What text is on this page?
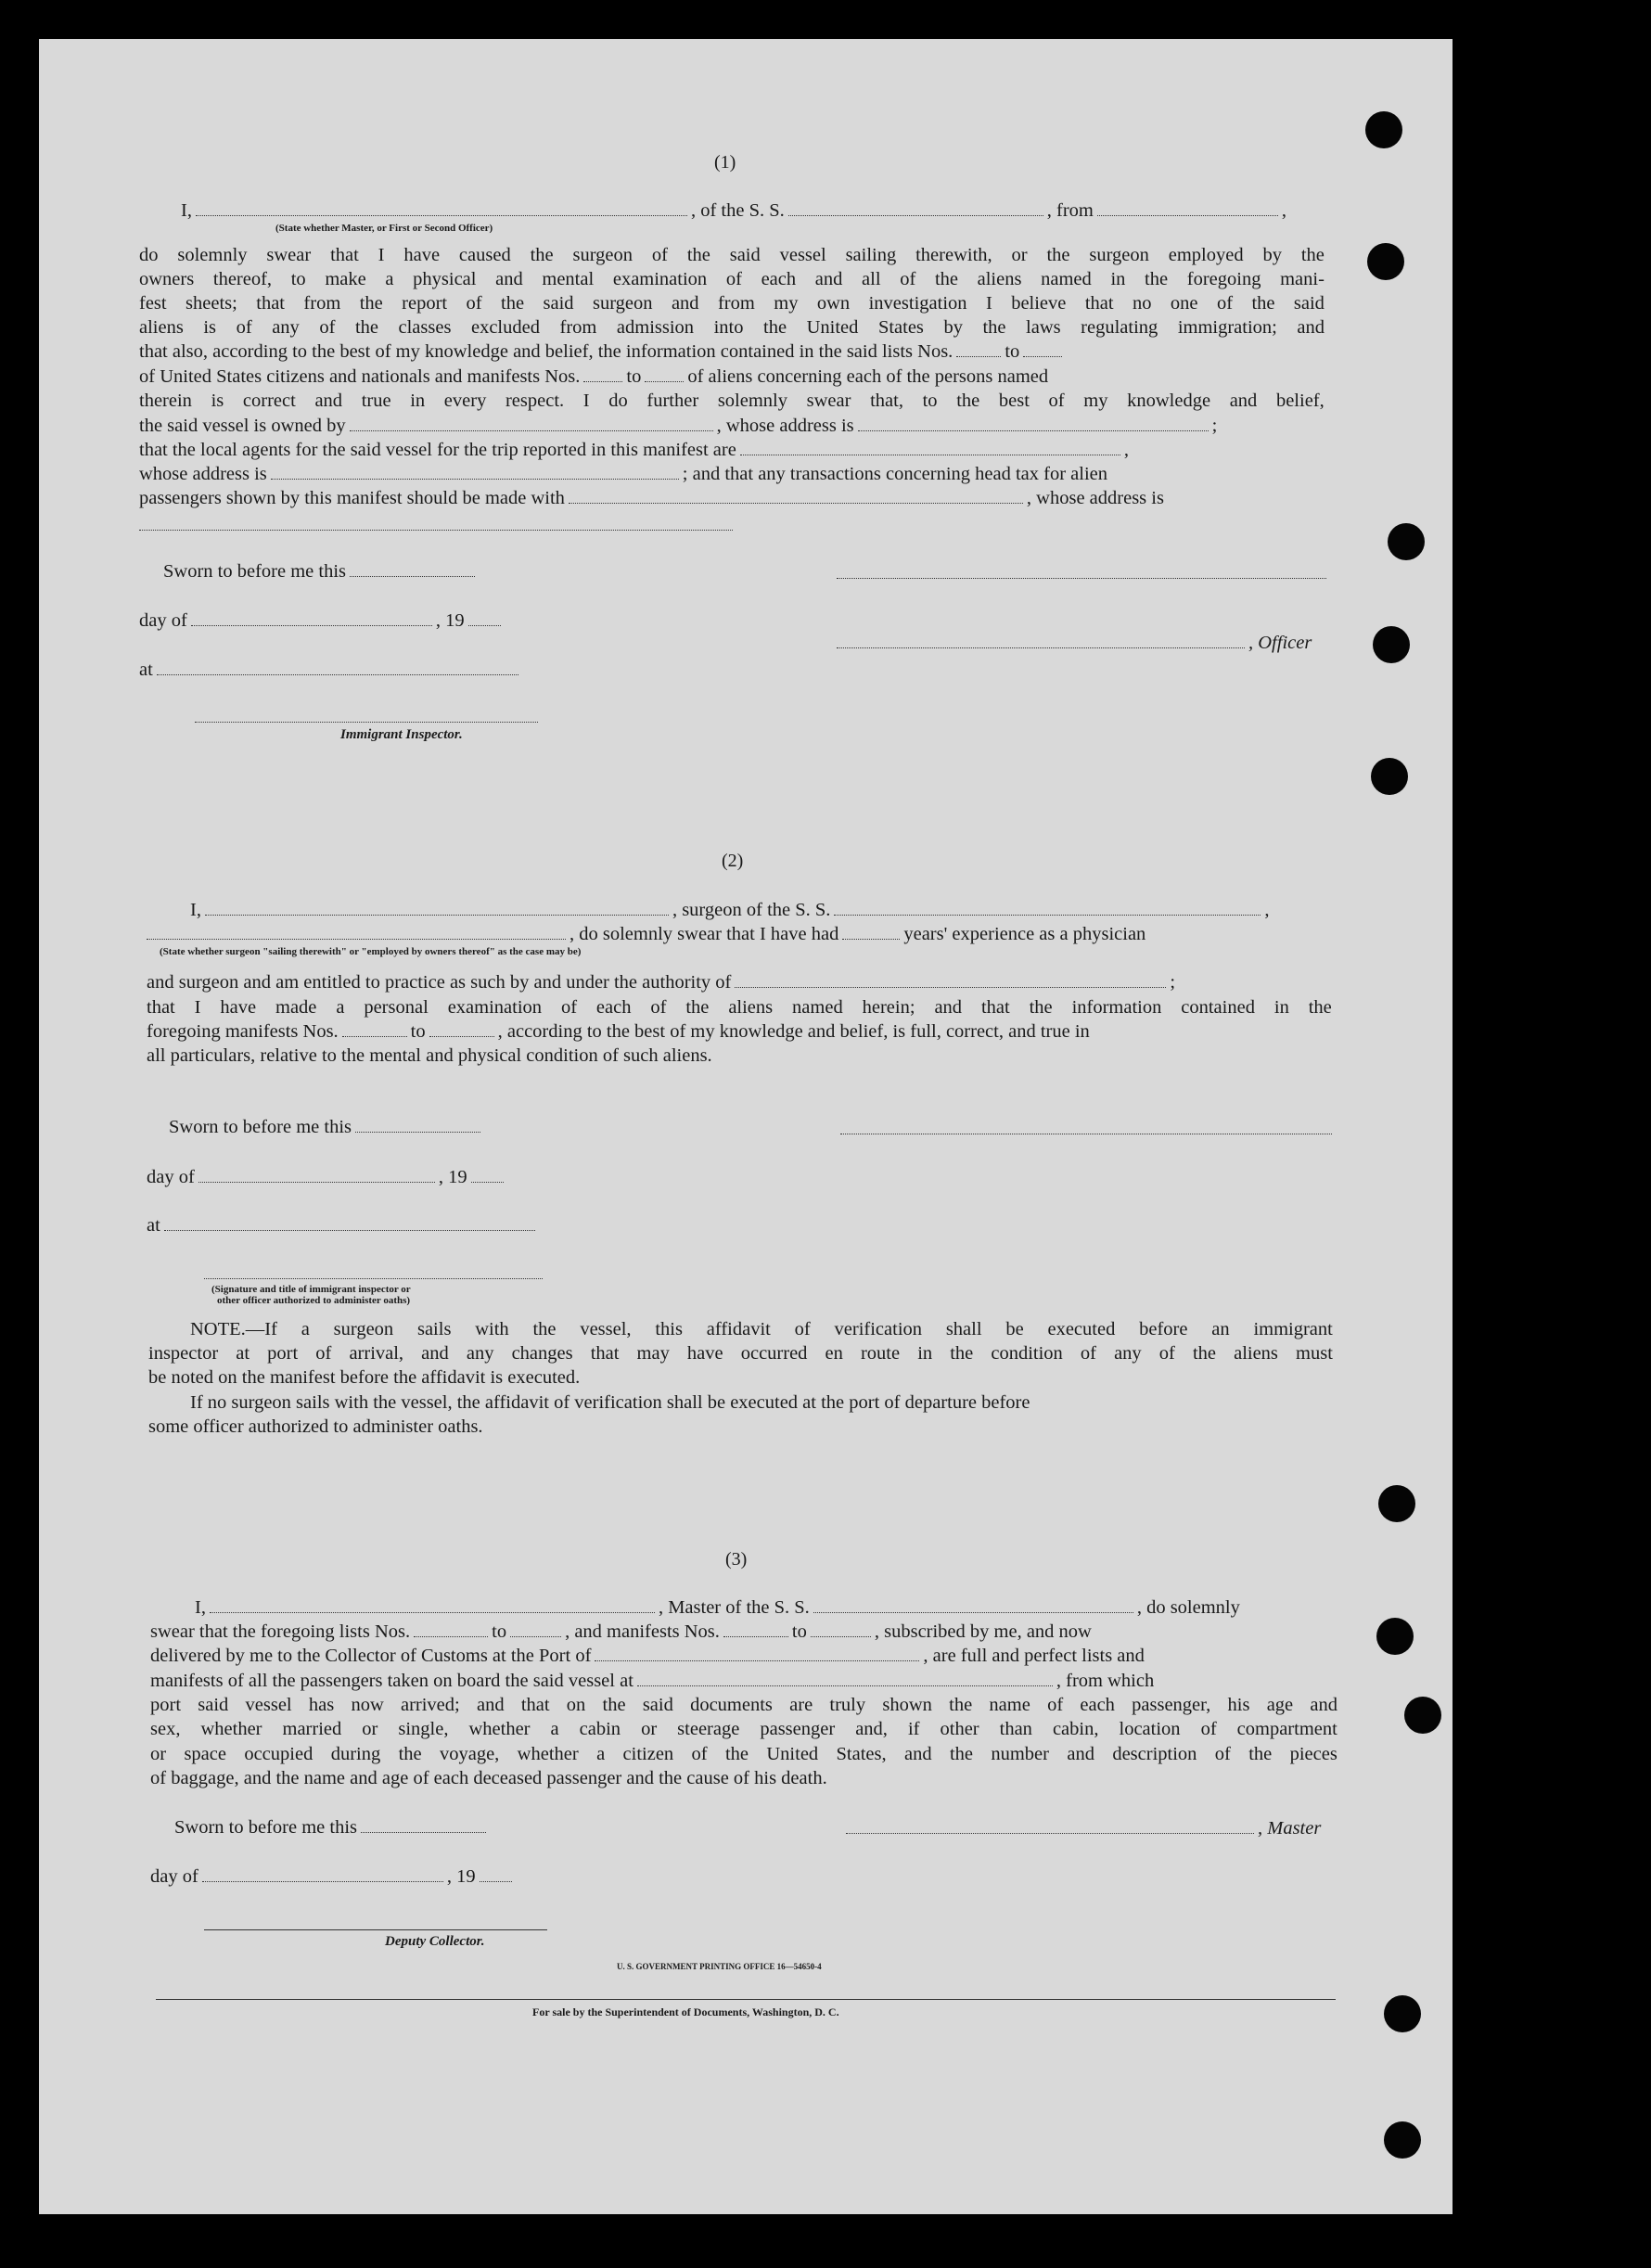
(1)
I,	, of the S. S.	, from	,
(State whether Master, or First or Second Officer)
do solemnly swear that I have caused the surgeon of the said vessel sailing therewith, or the surgeon employed by the
owners thereof, to make a physical and mental examination of each and all of the aliens named in the foregoing mani-
fest sheets; that from the report of the said surgeon and from my own investigation I believe that no one of the said
aliens is of any of the classes excluded from admission into the United States by the laws regulating immigration; and
that also, according to the best of my knowledge and belief, the information contained in the said lists Nos.	to
of United States citizens and nationals and manifests Nos. to of aliens concerning each of the persons named
therein is correct and true in every respect. I do further solemnly swear that, to the best of my knowledge and belief,
the said vessel is owned by	, whose address is	;
that the local agents for the said vessel for the trip reported in this manifest are	,
whose address is	; and that any transactions concerning head tax for alien
passengers shown by this manifest should be made with	, whose address is
Sworn to before me this
day of	, 19
, Officer
at
Immigrant Inspector.
(2)
I,	, surgeon of the S. S.	,
, do solemnly swear that I have had	years' experience as a physician
(State whether surgeon "sailing therewith" or "employed by owners thereof" as the case may be)
and surgeon and am entitled to practice as such by and under the authority of	;
that I have made a personal examination of each of the aliens named herein; and that the information contained in the
foregoing manifests Nos.	to	, according to the best of my knowledge and belief, is full, correct, and true in
all particulars, relative to the mental and physical condition of such aliens.
Sworn to before me this
day of	, 19
at
(Signature and title of immigrant inspector or
other officer authorized to administer oaths)
NOTE.—If a surgeon sails with the vessel, this affidavit of verification shall be executed before an immigrant
inspector at port of arrival, and any changes that may have occurred en route in the condition of any of the aliens must
be noted on the manifest before the affidavit is executed.
If no surgeon sails with the vessel, the affidavit of verification shall be executed at the port of departure before
some officer authorized to administer oaths.
(3)
I,	, Master of the S. S.	, do solemnly
swear that the foregoing lists Nos.	to	, and manifests Nos.	to	, subscribed by me, and now
delivered by me to the Collector of Customs at the Port of	, are full and perfect lists and
manifests of all the passengers taken on board the said vessel at	, from which
port said vessel has now arrived; and that on the said documents are truly shown the name of each passenger, his age and
sex, whether married or single, whether a cabin or steerage passenger and, if other than cabin, location of compartment
or space occupied during the voyage, whether a citizen of the United States, and the number and description of the pieces
of baggage, and the name and age of each deceased passenger and the cause of his death.
Sworn to before me this	, Master
day of	, 19
Deputy Collector.
U. S. GOVERNMENT PRINTING OFFICE 16—54650-4
For sale by the Superintendent of Documents, Washington, D. C.
